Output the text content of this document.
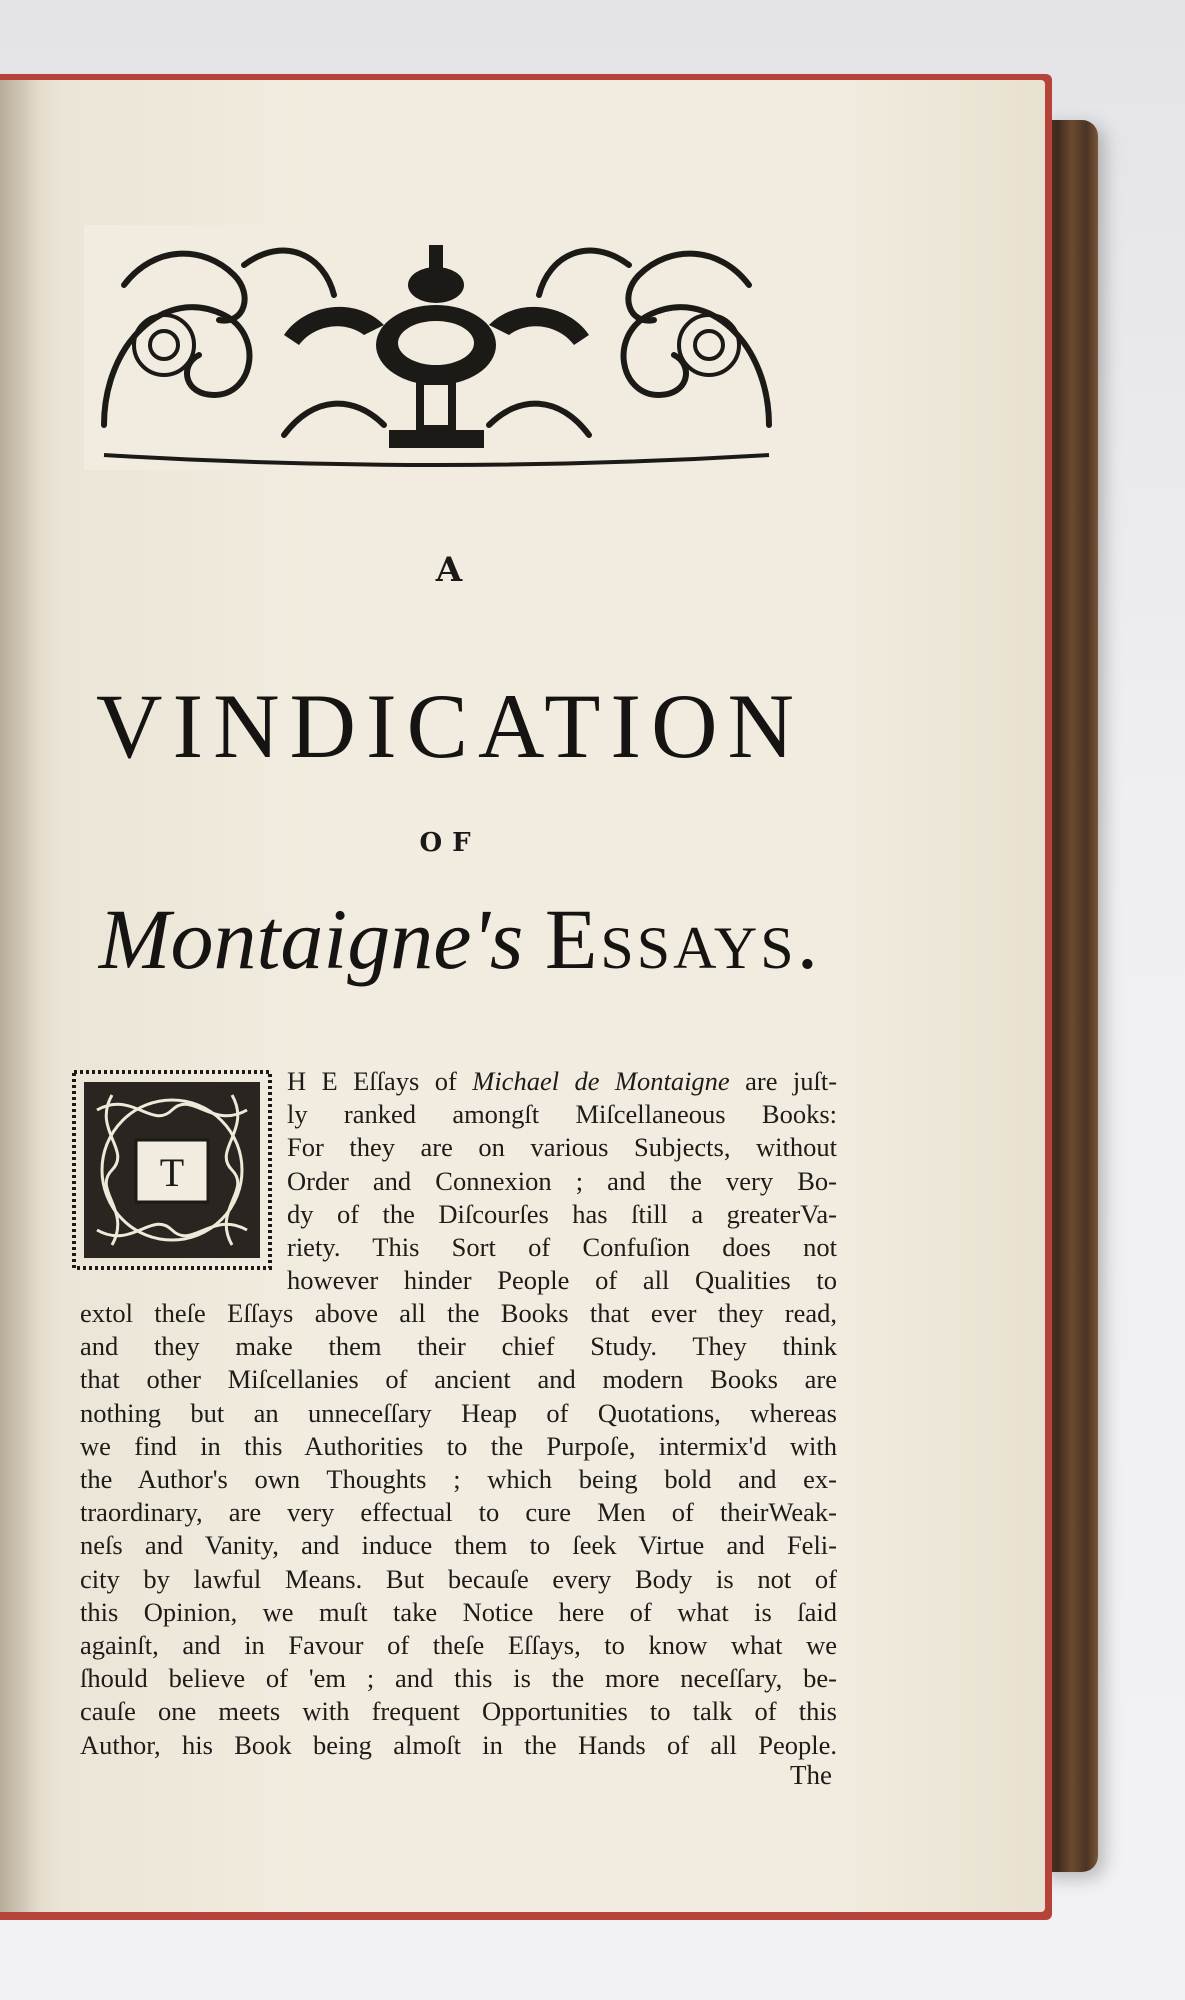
A
VINDICATION
OF
Montaigne's Essays.
T
H E Eſſays of Michael de Montaigne are juſt-
ly ranked amongſt Miſcellaneous Books:
For they are on various Subjects, without
Order and Connexion ; and the very Bo-
dy of the Diſcourſes has ſtill a greaterVa-
riety. This Sort of Confuſion does not
however hinder People of all Qualities to
extol theſe Eſſays above all the Books that ever they read,
and they make them their chief Study. They think
that other Miſcellanies of ancient and modern Books are
nothing but an unneceſſary Heap of Quotations, whereas
we find in this Authorities to the Purpoſe, intermix'd with
the Author's own Thoughts ; which being bold and ex-
traordinary, are very effectual to cure Men of theirWeak-
neſs and Vanity, and induce them to ſeek Virtue and Feli-
city by lawful Means. But becauſe every Body is not of
this Opinion, we muſt take Notice here of what is ſaid
againſt, and in Favour of theſe Eſſays, to know what we
ſhould believe of 'em ; and this is the more neceſſary, be-
cauſe one meets with frequent Opportunities to talk of this
Author, his Book being almoſt in the Hands of all People.
The
